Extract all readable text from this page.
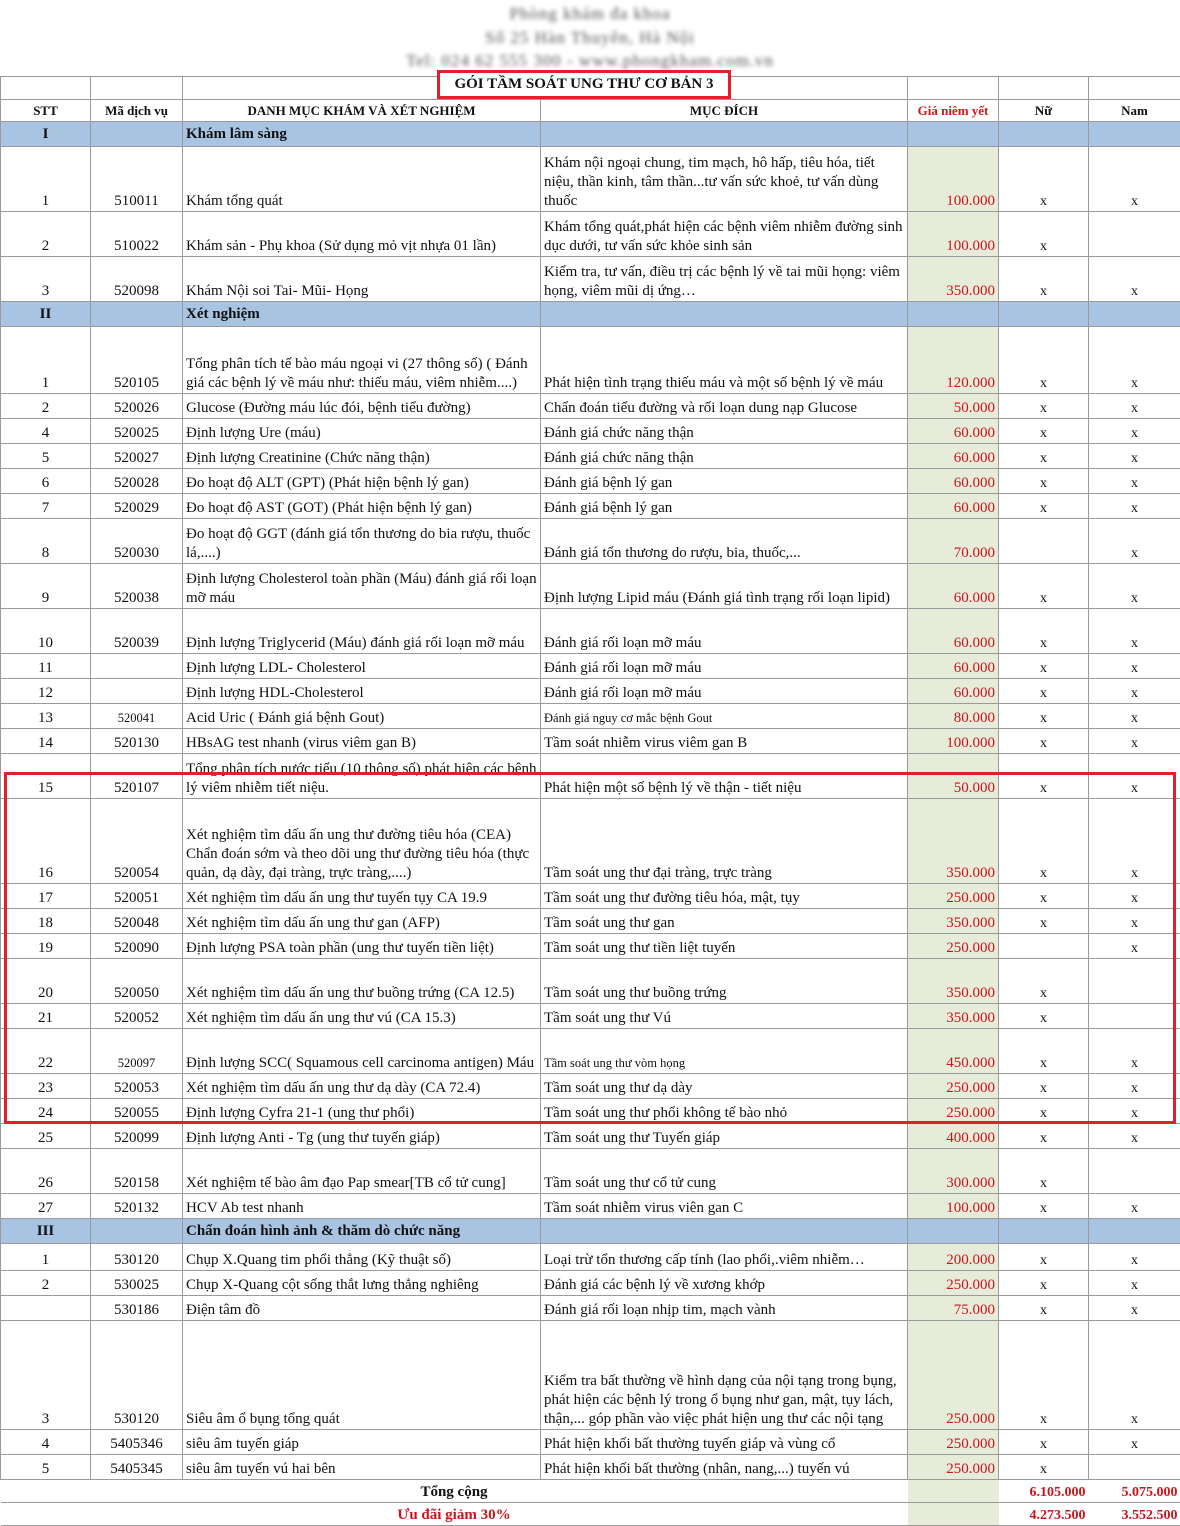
Phòng khám đa khoa
Số 25 Hàn Thuyên, Hà Nội
Tel: 024 62 555 300 - www.phongkham.com.vn
GÓI TẦM SOÁT UNG THƯ CƠ BẢN 3

STT	Mã dịch vụ	DANH MỤC KHÁM VÀ XÉT NGHIỆM	MỤC ĐÍCH	Giá niêm yết	Nữ	Nam
I		Khám lâm sàng				
1	510011	Khám tổng quát	Khám nội ngoại chung, tim mạch, hô hấp, tiêu hóa, tiết niệu, thần kinh, tâm thần...tư vấn sức khoẻ, tư vấn dùng thuốc	100.000	x	x
2	510022	Khám sản - Phụ khoa (Sử dụng mỏ vịt nhựa 01 lần)	Khám tổng quát,phát hiện các bệnh viêm nhiễm đường sinh dục dưới, tư vấn sức khỏe sinh sản	100.000	x	
3	520098	Khám Nội soi Tai- Mũi- Họng	Kiểm tra, tư vấn, điều trị các bệnh lý về tai mũi họng: viêm họng, viêm mũi dị ứng…	350.000	x	x
II		Xét nghiệm				
1	520105	Tổng phân tích tế bào máu ngoại vi (27 thông số) ( Đánh giá các bệnh lý về máu như: thiếu máu, viêm nhiễm....)	Phát hiện tình trạng thiếu máu và một số bệnh lý về máu	120.000	x	x
2	520026	Glucose (Đường máu lúc đói, bệnh tiểu đường)	Chẩn đoán tiểu đường và rối loạn dung nạp Glucose	50.000	x	x
4	520025	Định lượng Ure (máu)	Đánh giá chức năng thận	60.000	x	x
5	520027	Định lượng Creatinine (Chức năng thận)	Đánh giá chức năng thận	60.000	x	x
6	520028	Đo hoạt độ ALT (GPT) (Phát hiện bệnh lý gan)	Đánh giá bệnh lý gan	60.000	x	x
7	520029	Đo hoạt độ AST (GOT) (Phát hiện bệnh lý gan)	Đánh giá bệnh lý gan	60.000	x	x
8	520030	Đo hoạt độ GGT (đánh giá tổn thương do bia rượu, thuốc lá,....)	Đánh giá tổn thương do rượu, bia, thuốc,...	70.000		x
9	520038	Định lượng Cholesterol toàn phần (Máu) đánh giá rối loạn mỡ máu	Định lượng Lipid máu (Đánh giá tình trạng rối loạn lipid)	60.000	x	x
10	520039	Định lượng Triglycerid (Máu) đánh giá rối loạn mỡ máu	Đánh giá rối loạn mỡ máu	60.000	x	x
11		Định lượng LDL- Cholesterol	Đánh giá rối loạn mỡ máu	60.000	x	x
12		Định lượng HDL-Cholesterol	Đánh giá rối loạn mỡ máu	60.000	x	x
13	520041	Acid Uric ( Đánh giá bệnh Gout)	Đánh giá nguy cơ mắc bệnh Gout	80.000	x	x
14	520130	HBsAG test nhanh (virus viêm gan B)	Tầm soát nhiễm virus viêm gan B	100.000	x	x
15	520107	Tổng phân tích nước tiểu (10 thông số) phát hiện các bệnh lý viêm nhiễm tiết niệu.	Phát hiện một số bệnh lý về thận - tiết niệu	50.000	x	x
16	520054	Xét nghiệm tìm dấu ấn ung thư đường tiêu hóa (CEA) Chẩn đoán sớm và theo dõi ung thư đường tiêu hóa (thực quản, dạ dày, đại tràng, trực tràng,....)	Tầm soát ung thư đại tràng, trực tràng	350.000	x	x
17	520051	Xét nghiệm tìm dấu ấn ung thư tuyến tụy CA 19.9	Tầm soát ung thư đường tiêu hóa, mật, tụy	250.000	x	x
18	520048	Xét nghiệm tìm dấu ấn ung thư gan (AFP)	Tầm soát ung thư gan	350.000	x	x
19	520090	Định lượng PSA toàn phần (ung thư tuyến tiền liệt)	Tầm soát ung thư tiền liệt tuyến	250.000		x
20	520050	Xét nghiệm tìm dấu ấn ung thư buồng trứng (CA 12.5)	Tầm soát ung thư buồng trứng	350.000	x	
21	520052	Xét nghiệm tìm dấu ấn ung thư vú (CA 15.3)	Tầm soát ung thư Vú	350.000	x	
22	520097	Định lượng SCC( Squamous cell carcinoma antigen) Máu	Tầm soát ung thư vòm họng	450.000	x	x
23	520053	Xét nghiệm tìm dấu ấn ung thư dạ dày (CA 72.4)	Tầm soát ung thư dạ dày	250.000	x	x
24	520055	Định lượng Cyfra 21-1 (ung thư phổi)	Tầm soát ung thư phổi không tế bào nhỏ	250.000	x	x
25	520099	Định lượng Anti - Tg (ung thư tuyến giáp)	Tầm soát ung thư Tuyến giáp	400.000	x	x
26	520158	Xét nghiệm tế bào âm đạo Pap smear[TB cổ tử cung]	Tầm soát ung thư cổ tử cung	300.000	x	
27	520132	HCV Ab test nhanh	Tầm soát nhiễm virus viên gan C	100.000	x	x
III		Chẩn đoán hình ảnh & thăm dò chức năng				
1	530120	Chụp X.Quang tim phổi thẳng (Kỹ thuật số)	Loại trừ tổn thương cấp tính (lao phổi,.viêm nhiễm…	200.000	x	x
2	530025	Chụp X-Quang cột sống thắt lưng thẳng nghiêng	Đánh giá các bệnh lý về xương khớp	250.000	x	x
	530186	Điện tâm đồ	Đánh giá rối loạn nhịp tim, mạch vành	75.000	x	x
3	530120	Siêu âm ổ bụng tổng quát	Kiểm tra bất thường về hình dạng của nội tạng trong bụng, phát hiện các bệnh lý trong ổ bụng như gan, mật, tụy lách, thận,... góp phần vào việc phát hiện ung thư các nội tạng	250.000	x	x
4	5405346	siêu âm tuyến giáp	Phát hiện khối bất thường tuyến giáp và vùng cổ	250.000	x	x
5	5405345	siêu âm tuyến vú hai bên	Phát hiện khối bất thường (nhân, nang,...) tuyến vú	250.000	x	
Tổng cộng					6.105.000	5.075.000
Ưu đãi giảm 30%					4.273.500	3.552.500
